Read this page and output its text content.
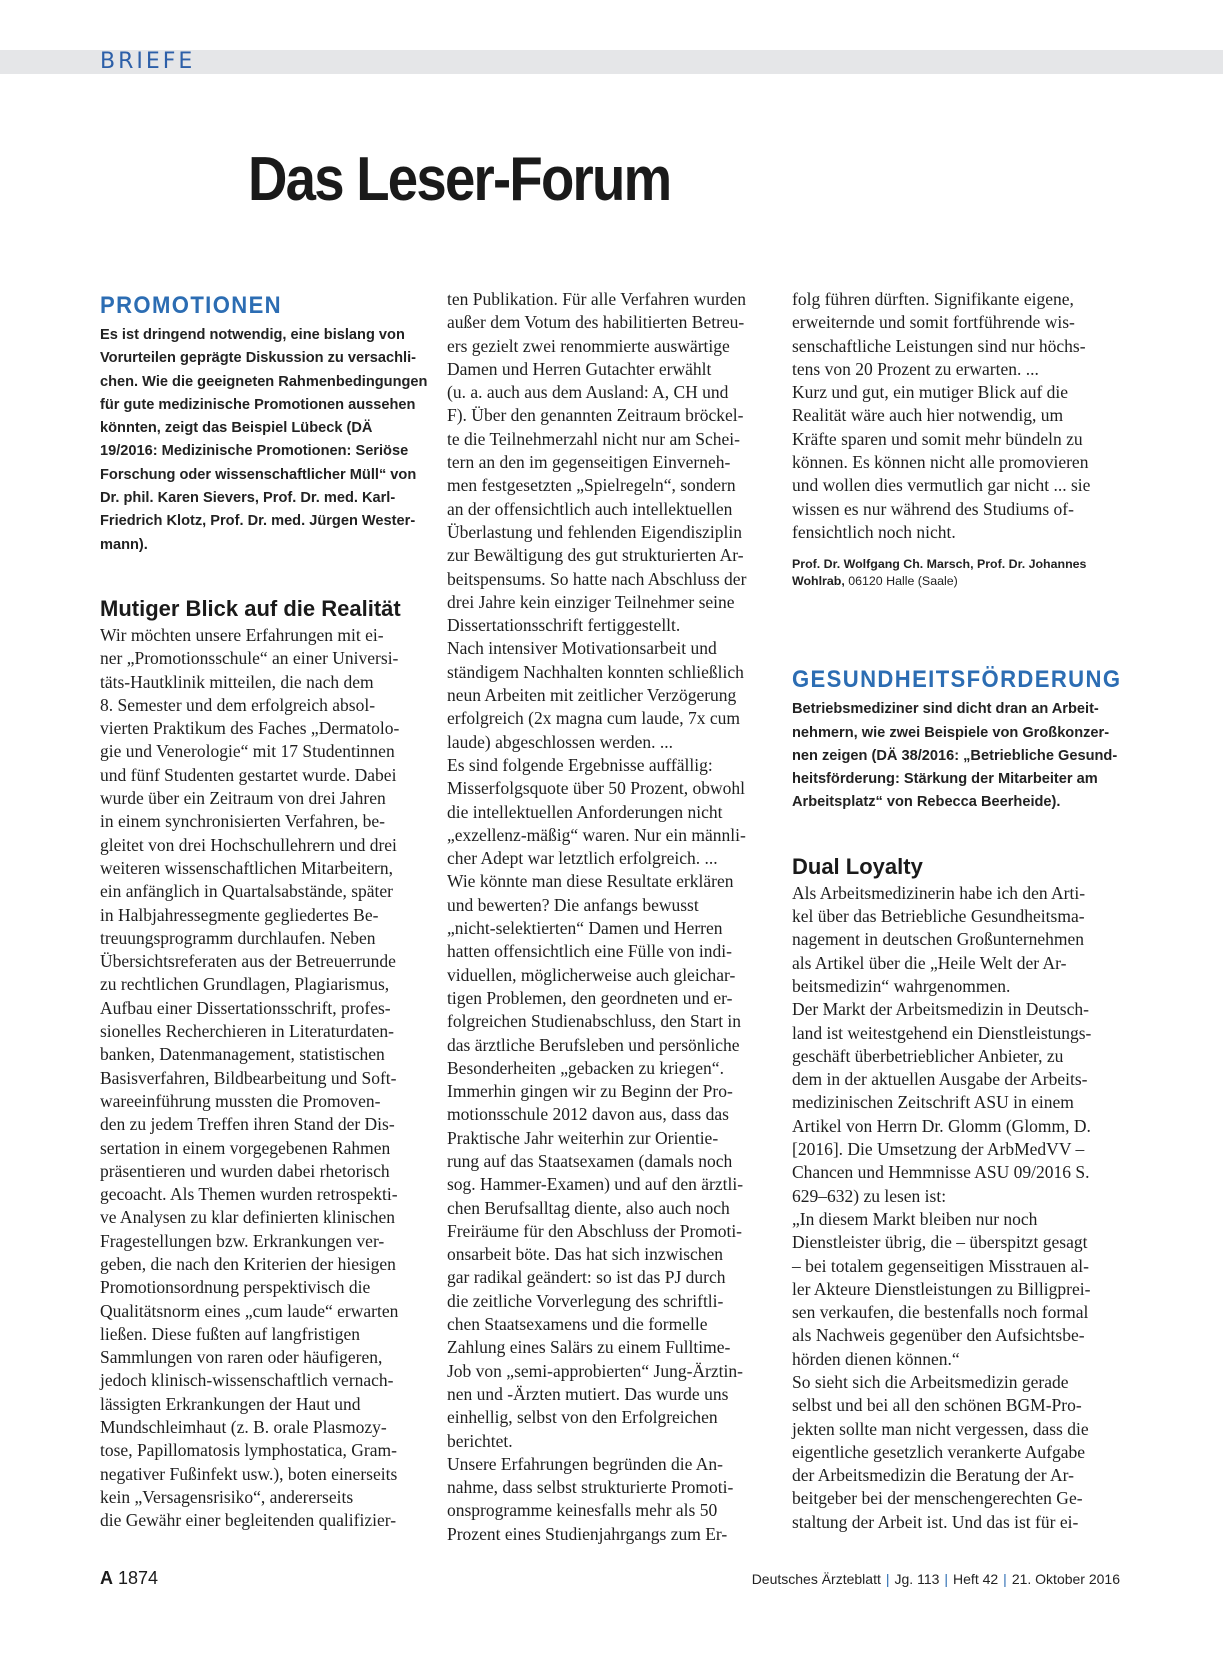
BRIEFE
Das Leser-Forum
PROMOTIONEN
Es ist dringend notwendig, eine bislang von
Vorurteilen geprägte Diskussion zu versachli-
chen. Wie die geeigneten Rahmenbedingungen
für gute medizinische Promotionen aussehen
könnten, zeigt das Beispiel Lübeck (DÄ
19/2016: Medizinische Promotionen: Seriöse
Forschung oder wissenschaftlicher Müll“ von
Dr. phil. Karen Sievers, Prof. Dr. med. Karl-
Friedrich Klotz, Prof. Dr. med. Jürgen Wester-
mann).
Mutiger Blick auf die Realität
Wir möchten unsere Erfahrungen mit ei-
ner „Promotionsschule“ an einer Universi-
täts-Hautklinik mitteilen, die nach dem
8. Semester und dem erfolgreich absol-
vierten Praktikum des Faches „Dermatolo-
gie und Venerologie“ mit 17 Studentinnen
und fünf Studenten gestartet wurde. Dabei
wurde über ein Zeitraum von drei Jahren
in einem synchronisierten Verfahren, be-
gleitet von drei Hochschullehrern und drei
weiteren wissenschaftlichen Mitarbeitern,
ein anfänglich in Quartalsabstände, später
in Halbjahressegmente gegliedertes Be-
treuungsprogramm durchlaufen. Neben
Übersichtsreferaten aus der Betreuerrunde
zu rechtlichen Grundlagen, Plagiarismus,
Aufbau einer Dissertationsschrift, profes-
sionelles Recherchieren in Literaturdaten-
banken, Datenmanagement, statistischen
Basisverfahren, Bildbearbeitung und Soft-
wareeinführung mussten die Promoven-
den zu jedem Treffen ihren Stand der Dis-
sertation in einem vorgegebenen Rahmen
präsentieren und wurden dabei rhetorisch
gecoacht. Als Themen wurden retrospekti-
ve Analysen zu klar definierten klinischen
Fragestellungen bzw. Erkrankungen ver-
geben, die nach den Kriterien der hiesigen
Promotionsordnung perspektivisch die
Qualitätsnorm eines „cum laude“ erwarten
ließen. Diese fußten auf langfristigen
Sammlungen von raren oder häufigeren,
jedoch klinisch-wissenschaftlich vernach-
lässigten Erkrankungen der Haut und
Mundschleimhaut (z. B. orale Plasmozy-
tose, Papillomatosis lymphostatica, Gram-
negativer Fußinfekt usw.), boten einerseits
kein „Versagensrisiko“, andererseits
die Gewähr einer begleitenden qualifizier-
ten Publikation. Für alle Verfahren wurden
außer dem Votum des habilitierten Betreu-
ers gezielt zwei renommierte auswärtige
Damen und Herren Gutachter erwählt
(u. a. auch aus dem Ausland: A, CH und
F). Über den genannten Zeitraum bröckel-
te die Teilnehmerzahl nicht nur am Schei-
tern an den im gegenseitigen Einverneh-
men festgesetzten „Spielregeln“, sondern
an der offensichtlich auch intellektuellen
Überlastung und fehlenden Eigendisziplin
zur Bewältigung des gut strukturierten Ar-
beitspensums. So hatte nach Abschluss der
drei Jahre kein einziger Teilnehmer seine
Dissertationsschrift fertiggestellt.
Nach intensiver Motivationsarbeit und
ständigem Nachhalten konnten schließlich
neun Arbeiten mit zeitlicher Verzögerung
erfolgreich (2x magna cum laude, 7x cum
laude) abgeschlossen werden. ...
Es sind folgende Ergebnisse auffällig:
Misserfolgsquote über 50 Prozent, obwohl
die intellektuellen Anforderungen nicht
„exzellenz-mäßig“ waren. Nur ein männli-
cher Adept war letztlich erfolgreich. ...
Wie könnte man diese Resultate erklären
und bewerten? Die anfangs bewusst
„nicht-selektierten“ Damen und Herren
hatten offensichtlich eine Fülle von indi-
viduellen, möglicherweise auch gleichar-
tigen Problemen, den geordneten und er-
folgreichen Studienabschluss, den Start in
das ärztliche Berufsleben und persönliche
Besonderheiten „gebacken zu kriegen“.
Immerhin gingen wir zu Beginn der Pro-
motionsschule 2012 davon aus, dass das
Praktische Jahr weiterhin zur Orientie-
rung auf das Staatsexamen (damals noch
sog. Hammer-Examen) und auf den ärztli-
chen Berufsalltag diente, also auch noch
Freiräume für den Abschluss der Promoti-
onsarbeit böte. Das hat sich inzwischen
gar radikal geändert: so ist das PJ durch
die zeitliche Vorverlegung des schriftli-
chen Staatsexamens und die formelle
Zahlung eines Salärs zu einem Fulltime-
Job von „semi-approbierten“ Jung-Ärztin-
nen und -Ärzten mutiert. Das wurde uns
einhellig, selbst von den Erfolgreichen
berichtet.
Unsere Erfahrungen begründen die An-
nahme, dass selbst strukturierte Promoti-
onsprogramme keinesfalls mehr als 50
Prozent eines Studienjahrgangs zum Er-
folg führen dürften. Signifikante eigene,
erweiternde und somit fortführende wis-
senschaftliche Leistungen sind nur höchs-
tens von 20 Prozent zu erwarten. ...
Kurz und gut, ein mutiger Blick auf die
Realität wäre auch hier notwendig, um
Kräfte sparen und somit mehr bündeln zu
können. Es können nicht alle promovieren
und wollen dies vermutlich gar nicht ... sie
wissen es nur während des Studiums of-
fensichtlich noch nicht.
Prof. Dr. Wolfgang Ch. Marsch, Prof. Dr. Johannes
Wohlrab, 06120 Halle (Saale)
GESUNDHEITSFÖRDERUNG
Betriebsmediziner sind dicht dran an Arbeit-
nehmern, wie zwei Beispiele von Großkonzer-
nen zeigen (DÄ 38/2016: „Betriebliche Gesund-
heitsförderung: Stärkung der Mitarbeiter am
Arbeitsplatz“ von Rebecca Beerheide).
Dual Loyalty
Als Arbeitsmedizinerin habe ich den Arti-
kel über das Betriebliche Gesundheitsma-
nagement in deutschen Großunternehmen
als Artikel über die „Heile Welt der Ar-
beitsmedizin“ wahrgenommen.
Der Markt der Arbeitsmedizin in Deutsch-
land ist weitestgehend ein Dienstleistungs-
geschäft überbetrieblicher Anbieter, zu
dem in der aktuellen Ausgabe der Arbeits-
medizinischen Zeitschrift ASU in einem
Artikel von Herrn Dr. Glomm (Glomm, D.
[2016]. Die Umsetzung der ArbMedVV –
Chancen und Hemmnisse ASU 09/2016 S.
629–632) zu lesen ist:
„In diesem Markt bleiben nur noch
Dienstleister übrig, die – überspitzt gesagt
– bei totalem gegenseitigen Misstrauen al-
ler Akteure Dienstleistungen zu Billigprei-
sen verkaufen, die bestenfalls noch formal
als Nachweis gegenüber den Aufsichtsbe-
hörden dienen können.“
So sieht sich die Arbeitsmedizin gerade
selbst und bei all den schönen BGM-Pro-
jekten sollte man nicht vergessen, dass die
eigentliche gesetzlich verankerte Aufgabe
der Arbeitsmedizin die Beratung der Ar-
beitgeber bei der menschengerechten Ge-
staltung der Arbeit ist. Und das ist für ei-
A 1874	Deutsches Ärzteblatt | Jg. 113 | Heft 42 | 21. Oktober 2016
